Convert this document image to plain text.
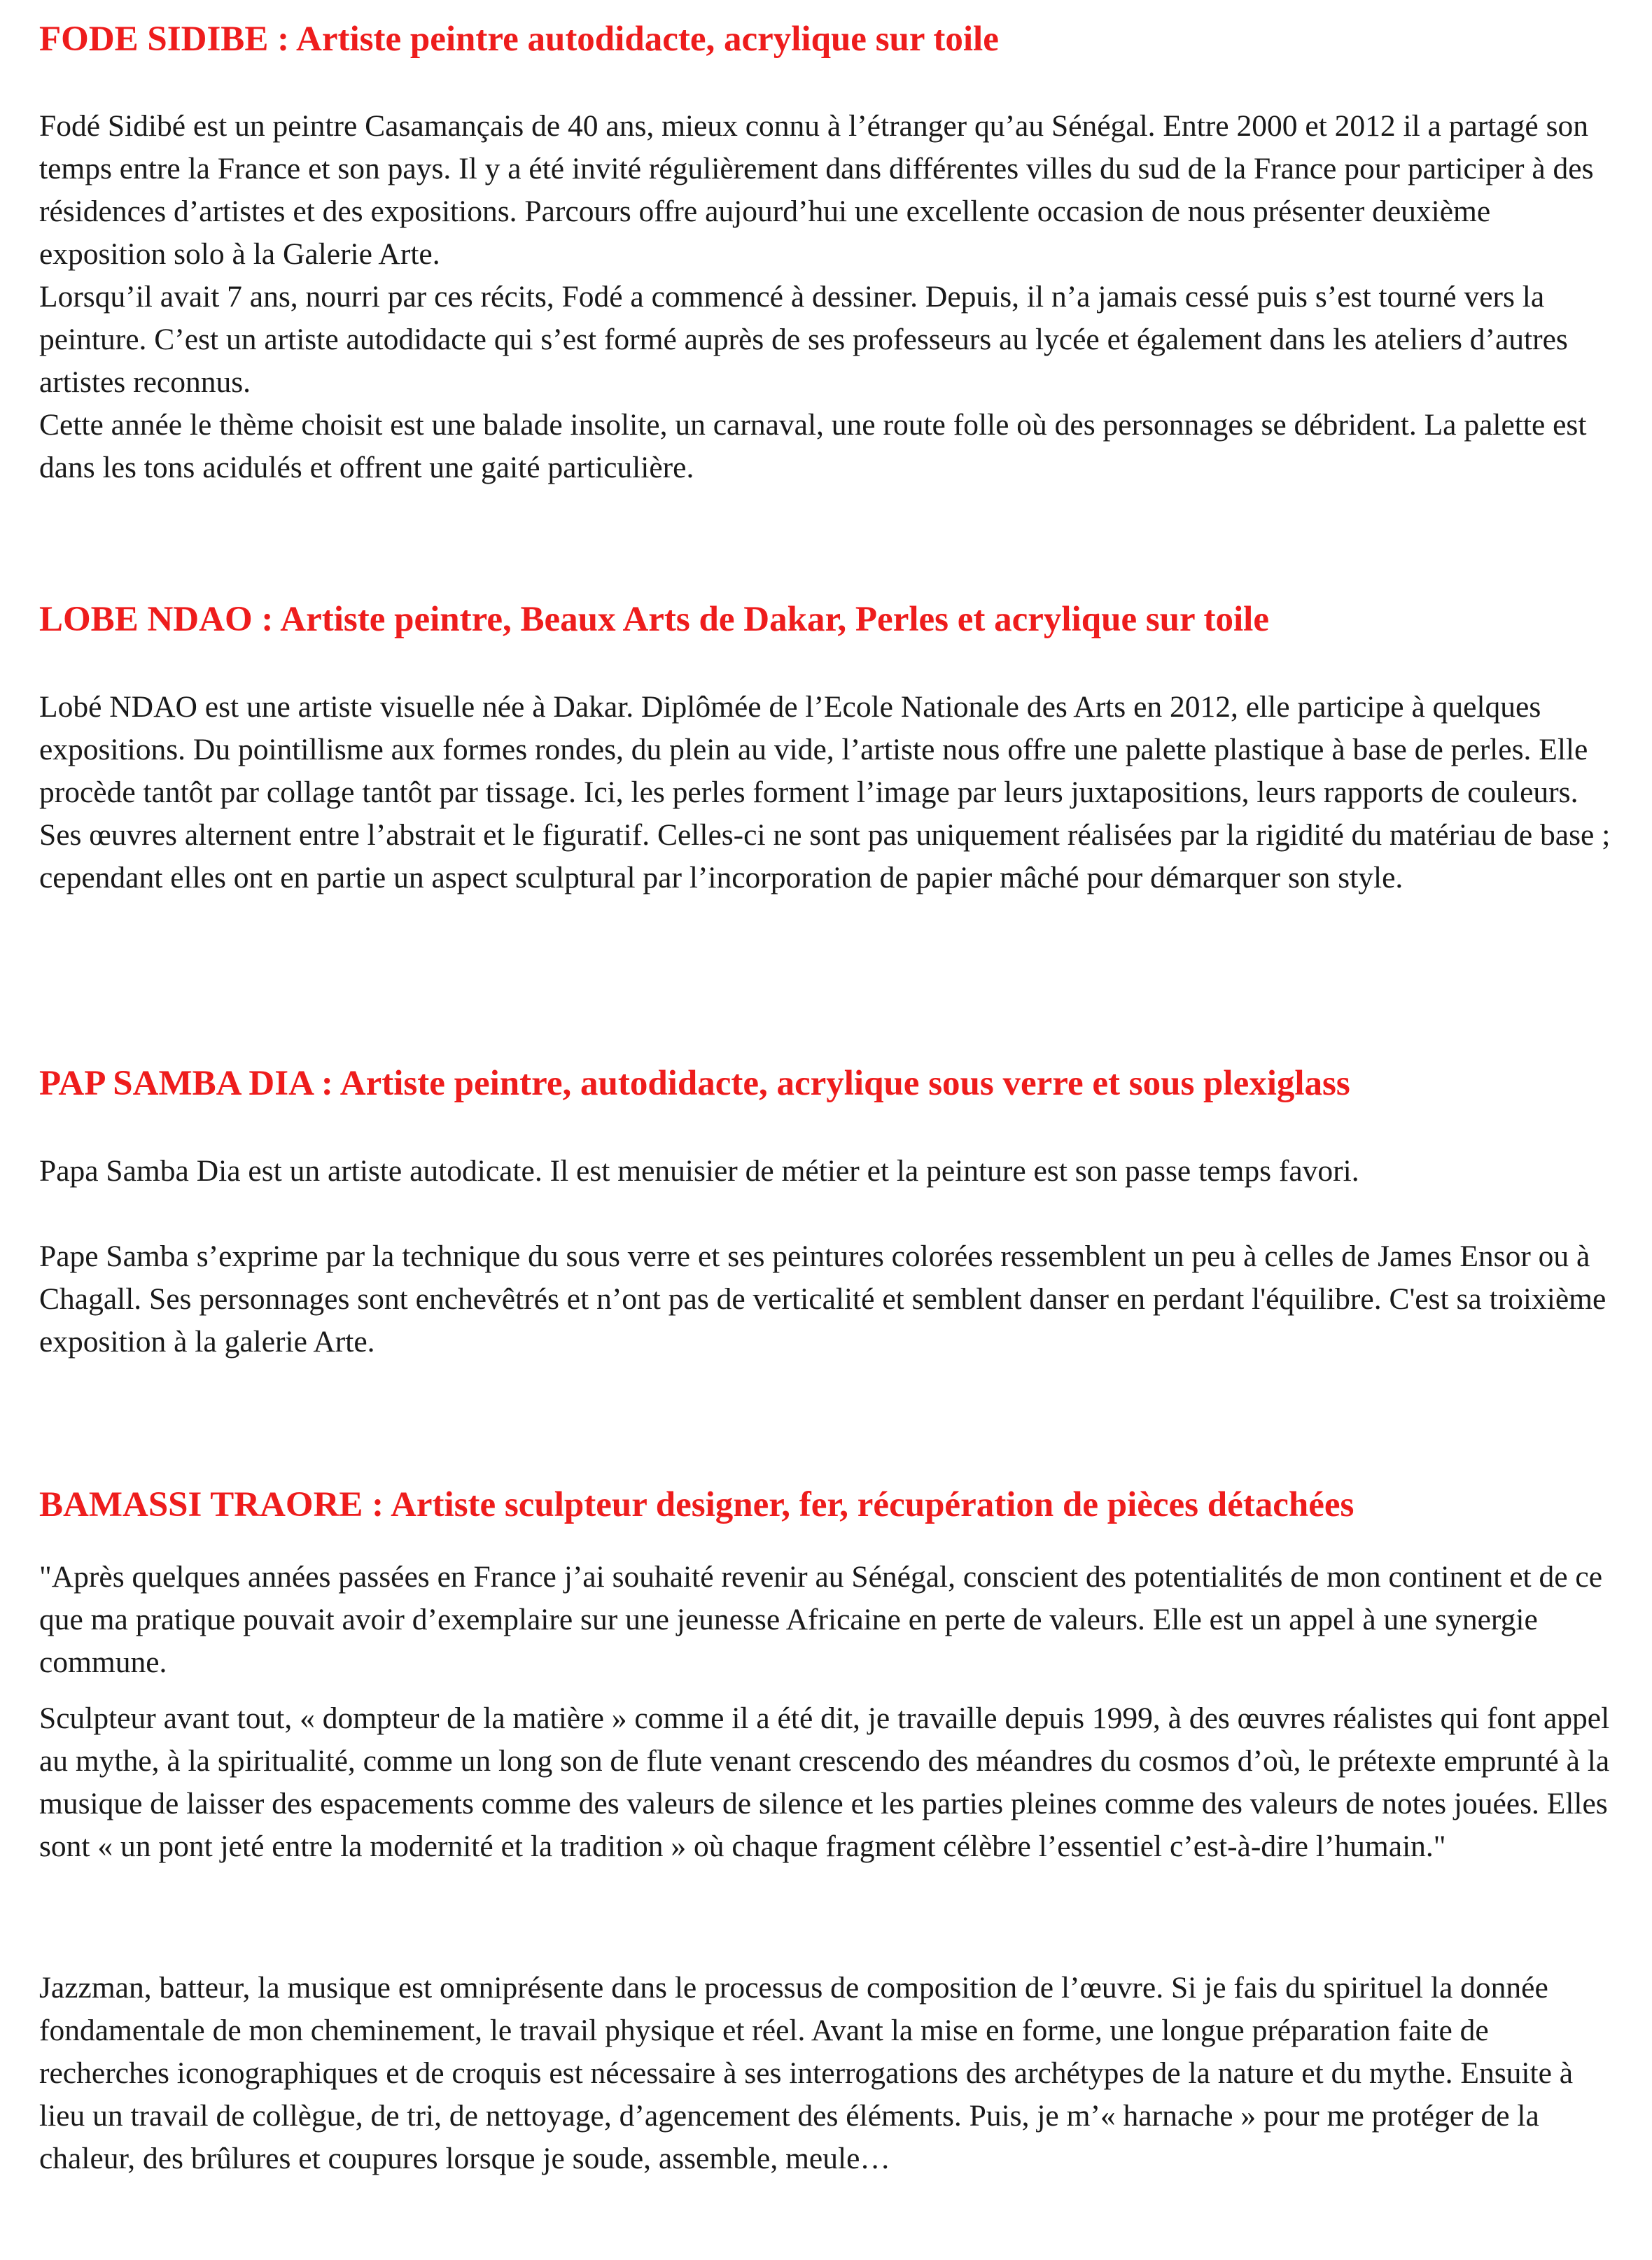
FODE SIDIBE : Artiste peintre autodidacte, acrylique sur toile

Fodé Sidibé est un peintre Casamançais de 40 ans, mieux connu à l’étranger qu’au Sénégal. Entre 2000 et 2012 il a partagé son temps entre la France et son pays. Il y a été invité régulièrement dans différentes villes du sud de la France pour participer à des résidences d’artistes et des expositions. Parcours offre aujourd’hui une excellente occasion de nous présenter deuxième exposition solo à la Galerie Arte.

Lorsqu’il avait 7 ans, nourri par ces récits, Fodé a commencé à dessiner. Depuis, il n’a jamais cessé puis s’est tourné vers la peinture. C’est un artiste autodidacte qui s’est formé auprès de ses professeurs au lycée et également dans les ateliers d’autres artistes reconnus.

Cette année le thème choisit est une balade insolite, un carnaval, une route folle où des personnages se débrident. La palette est dans les tons acidulés et offrent une gaité particulière.

LOBE NDAO : Artiste peintre, Beaux Arts de Dakar, Perles et acrylique sur toile

Lobé NDAO est une artiste visuelle née à Dakar. Diplômée de l’Ecole Nationale des Arts en 2012, elle participe à quelques expositions. Du pointillisme aux formes rondes, du plein au vide, l’artiste nous offre une palette plastique à base de perles. Elle procède tantôt par collage tantôt par tissage. Ici, les perles forment l’image par leurs juxtapositions, leurs rapports de couleurs. Ses œuvres alternent entre l’abstrait et le figuratif. Celles-ci ne sont pas uniquement réalisées par la rigidité du matériau de base ; cependant elles ont en partie un aspect sculptural par l’incorporation de papier mâché pour démarquer son style.

PAP SAMBA DIA : Artiste peintre, autodidacte, acrylique sous verre et sous plexiglass

Papa Samba Dia est un artiste autodicate. Il est menuisier de métier et la peinture est son passe temps favori.

Pape Samba s’exprime par la technique du sous verre et ses peintures colorées ressemblent un peu à celles de James Ensor ou à Chagall. Ses personnages sont enchevêtrés et n’ont pas de verticalité et semblent danser en perdant l'équilibre. C'est sa troixième exposition à la galerie Arte.

BAMASSI TRAORE : Artiste sculpteur designer, fer, récupération de pièces détachées

"Après quelques années passées en France j’ai souhaité revenir au Sénégal, conscient des potentialités de mon continent et de ce que ma pratique pouvait avoir d’exemplaire sur une jeunesse Africaine en perte de valeurs. Elle est un appel à une synergie commune.

Sculpteur avant tout, « dompteur de la matière » comme il a été dit, je travaille depuis 1999, à des œuvres réalistes qui font appel au mythe, à la spiritualité, comme un long son de flute venant crescendo des méandres du cosmos d’où, le prétexte emprunté à la musique de laisser des espacements comme des valeurs de silence et les parties pleines comme des valeurs de notes jouées. Elles sont « un pont jeté entre la modernité et la tradition » où chaque fragment célèbre l’essentiel c’est-à-dire l’humain."

Jazzman, batteur, la musique est omniprésente dans le processus de composition de l’œuvre. Si je fais du spirituel la donnée fondamentale de mon cheminement, le travail physique et réel. Avant la mise en forme, une longue préparation faite de recherches iconographiques et de croquis est nécessaire à ses interrogations des archétypes de la nature et du mythe. Ensuite à lieu un travail de collègue, de tri, de nettoyage, d’agencement des éléments. Puis, je m’« harnache » pour me protéger de la chaleur, des brûlures et coupures lorsque je soude, assemble, meule…
